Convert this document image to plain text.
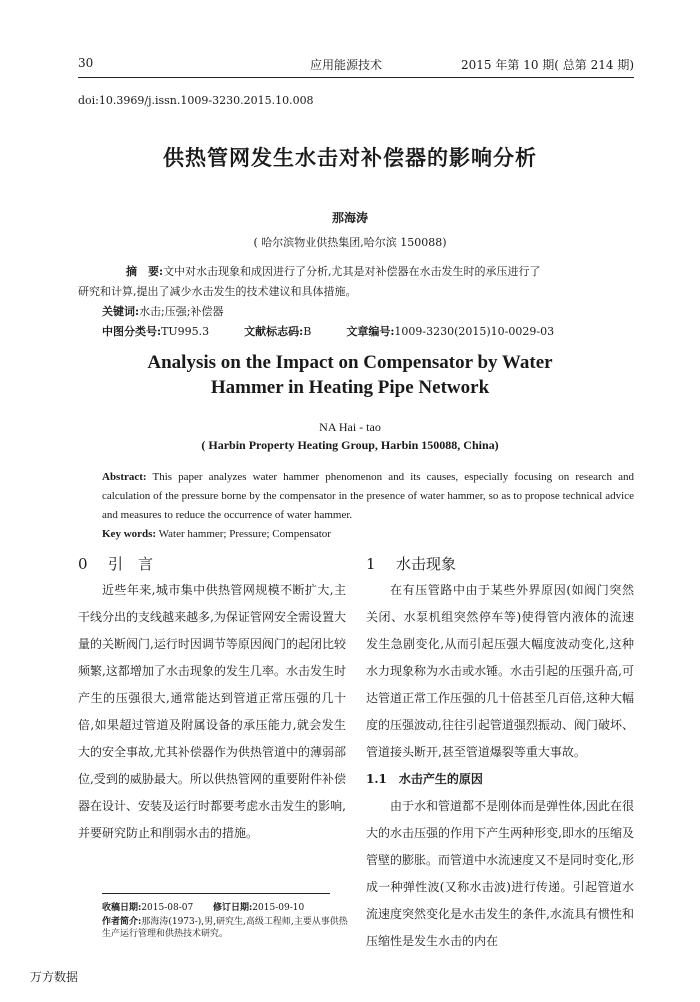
30	应用能源技术	2015 年第 10 期( 总第 214 期)
doi:10.3969/j.issn.1009-3230.2015.10.008
供热管网发生水击对补偿器的影响分析
那海涛
( 哈尔滨物业供热集团,哈尔滨 150088)
摘　要:文中对水击现象和成因进行了分析,尤其是对补偿器在水击发生时的承压进行了
研究和计算,提出了减少水击发生的技术建议和具体措施。
关键词:水击;压强;补偿器
中图分类号:TU995.3	文献标志码:B	文章编号:1009-3230(2015)10-0029-03
Analysis on the Impact on Compensator by Water
Hammer in Heating Pipe Network
NA Hai - tao
( Harbin Property Heating Group, Harbin 150088, China)
Abstract: This paper analyzes water hammer phenomenon and its causes, especially focusing on research and calculation of the pressure borne by the compensator in the presence of water hammer, so as to propose technical advice and measures to reduce the occurrence of water hammer.
Key words: Water hammer; Pressure; Compensator
0 引　言

近些年来,城市集中供热管网规模不断扩大,主干线分出的支线越来越多,为保证管网安全需设置大量的关断阀门,运行时因调节等原因阀门的起闭比较频繁,这都增加了水击现象的发生几率。水击发生时产生的压强很大,通常能达到管道正常压强的几十倍,如果超过管道及附属设备的承压能力,就会发生大的安全事故,尤其补偿器作为供热管道中的薄弱部位,受到的威胁最大。所以供热管网的重要附件补偿器在设计、安装及运行时都要考虑水击发生的影响,并要研究防止和削弱水击的措施。

1 水击现象

在有压管路中由于某些外界原因(如阀门突然关闭、水泵机组突然停车等)使得管内液体的流速发生急剧变化,从而引起压强大幅度波动变化,这种水力现象称为水击或水锤。水击引起的压强升高,可达管道正常工作压强的几十倍甚至几百倍,这种大幅度的压强波动,往往引起管道强烈振动、阀门破坏、管道接头断开,甚至管道爆裂等重大事故。

1.1　水击产生的原因

由于水和管道都不是刚体而是弹性体,因此在很大的水击压强的作用下产生两种形变,即水的压缩及管壁的膨胀。而管道中水流速度又不是同时变化,形成一种弹性波(又称水击波)进行传递。引起管道水流速度突然变化是水击发生的条件,水流具有惯性和压缩性是发生水击的内在

收稿日期:2015-08-07 修订日期:2015-09-10
作者简介:那海涛(1973-),男,研究生,高级工程师,主要从事供热生产运行管理和供热技术研究。
万方数据
